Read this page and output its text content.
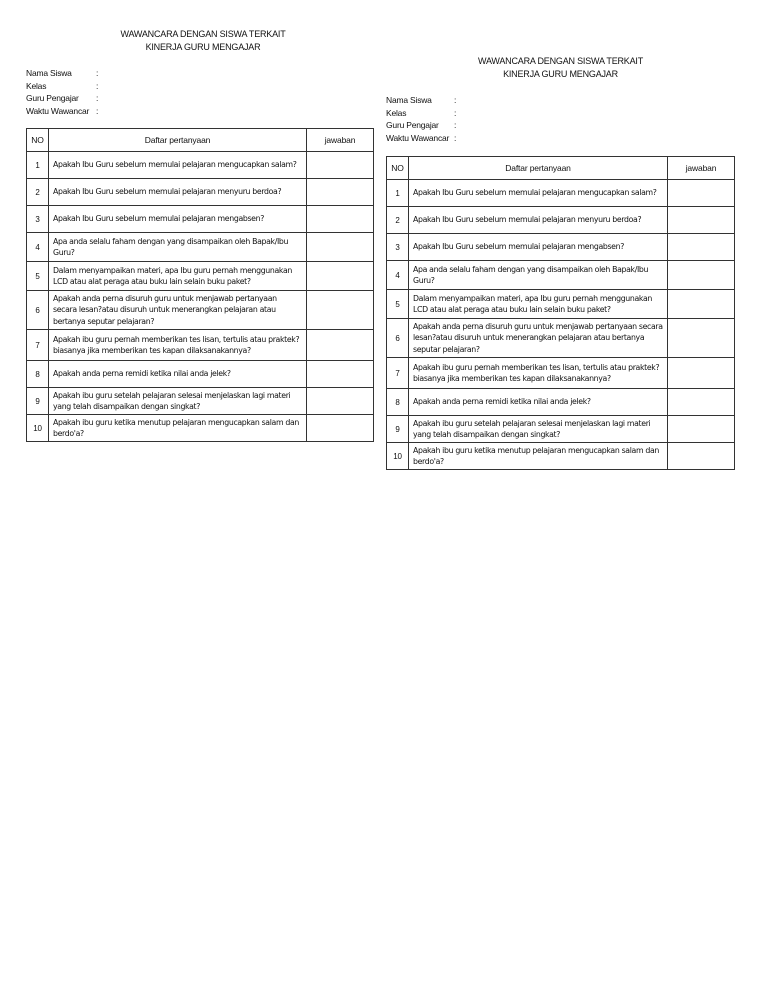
WAWANCARA DENGAN SISWA TERKAIT

KINERJA GURU MENGAJAR

Nama Siswa	:
Kelas	:
Guru Pengajar	:
Waktu Wawancar :
NO	Daftar pertanyaan	jawaban
1	Apakah Ibu Guru sebelum memulai pelajaran mengucapkan salam?	
2	Apakah Ibu Guru sebelum memulai pelajaran menyuru berdoa?	
3	Apakah Ibu Guru sebelum memulai pelajaran mengabsen?	
4	Apa anda selalu faham dengan yang disampaikan oleh Bapak/Ibu Guru?	
5	Dalam menyampaikan materi, apa Ibu guru pernah menggunakan LCD atau alat peraga atau buku lain selain buku paket?	
6	Apakah anda perna disuruh guru untuk menjawab pertanyaan secara lesan?atau disuruh untuk menerangkan pelajaran atau bertanya seputar pelajaran?	
7	Apakah ibu guru pernah memberikan tes lisan, tertulis atau praktek? biasanya jika memberikan tes kapan dilaksanakannya?	
8	Apakah anda perna remidi ketika nilai anda jelek?	
9	Apakah ibu guru setelah pelajaran selesai menjelaskan lagi materi yang telah disampaikan dengan singkat?	
10	Apakah ibu guru ketika menutup pelajaran mengucapkan salam dan berdo'a?	

WAWANCARA DENGAN SISWA TERKAIT

KINERJA GURU MENGAJAR

Nama Siswa	:
Kelas	:
Guru Pengajar	:
Waktu Wawancar :
NO	Daftar pertanyaan	jawaban
1	Apakah Ibu Guru sebelum memulai pelajaran mengucapkan salam?	
2	Apakah Ibu Guru sebelum memulai pelajaran menyuru berdoa?	
3	Apakah Ibu Guru sebelum memulai pelajaran mengabsen?	
4	Apa anda selalu faham dengan yang disampaikan oleh Bapak/Ibu Guru?	
5	Dalam menyampaikan materi, apa Ibu guru pernah menggunakan LCD atau alat peraga atau buku lain selain buku paket?	
6	Apakah anda perna disuruh guru untuk menjawab pertanyaan secara lesan?atau disuruh untuk menerangkan pelajaran atau bertanya seputar pelajaran?	
7	Apakah ibu guru pernah memberikan tes lisan, tertulis atau praktek? biasanya jika memberikan tes kapan dilaksanakannya?	
8	Apakah anda perna remidi ketika nilai anda jelek?	
9	Apakah ibu guru setelah pelajaran selesai menjelaskan lagi materi yang telah disampaikan dengan singkat?	
10	Apakah ibu guru ketika menutup pelajaran mengucapkan salam dan berdo'a?	
